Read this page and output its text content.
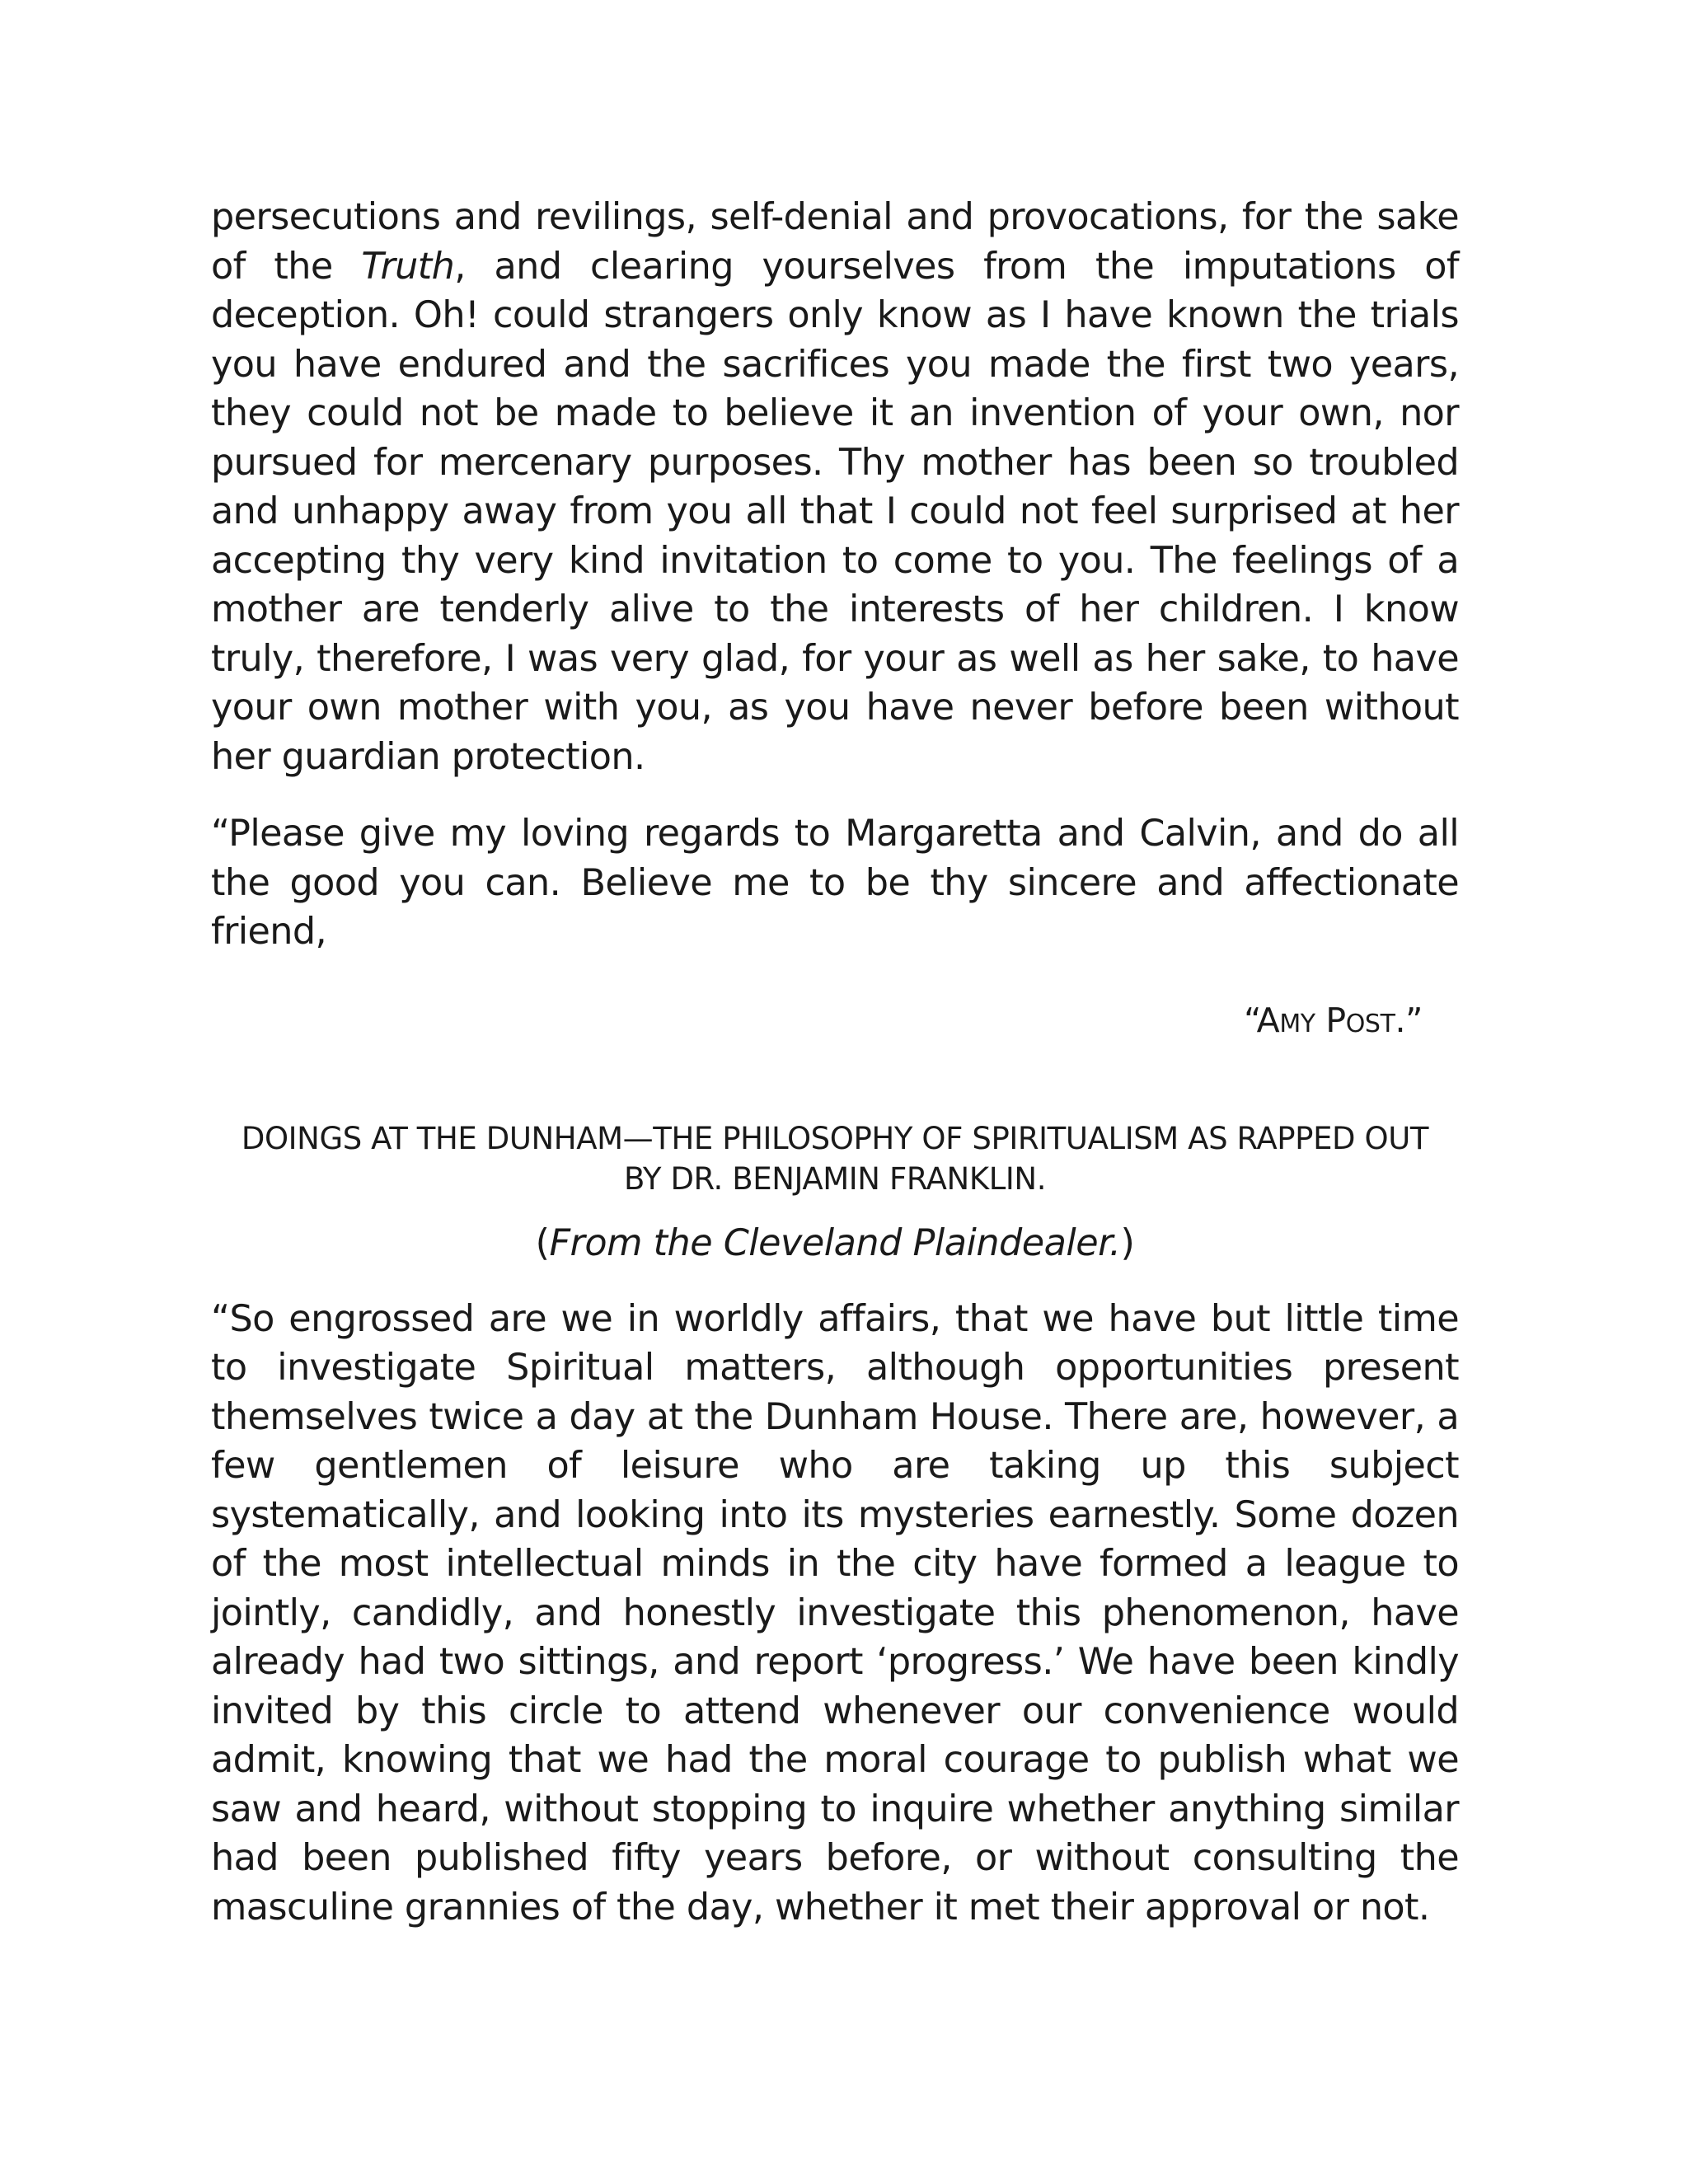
persecutions and revilings, self-denial and provocations, for the sake of the Truth, and clearing yourselves from the imputations of deception. Oh! could strangers only know as I have known the trials you have endured and the sacrifices you made the first two years, they could not be made to believe it an invention of your own, nor pursued for mercenary purposes. Thy mother has been so troubled and unhappy away from you all that I could not feel surprised at her accepting thy very kind invitation to come to you. The feelings of a mother are tenderly alive to the interests of her children. I know truly, therefore, I was very glad, for your as well as her sake, to have your own mother with you, as you have never before been without her guardian protection.

“Please give my loving regards to Margaretta and Calvin, and do all the good you can. Believe me to be thy sincere and affectionate friend,

“AMY POST.”
DOINGS AT THE DUNHAM—THE PHILOSOPHY OF SPIRITUALISM AS RAPPED OUT
BY DR. BENJAMIN FRANKLIN.
(From the Cleveland Plaindealer.)

“So engrossed are we in worldly affairs, that we have but little time to investigate Spiritual matters, although opportunities present themselves twice a day at the Dunham House. There are, however, a few gentlemen of leisure who are taking up this subject systematically, and looking into its mysteries earnestly. Some dozen of the most intellectual minds in the city have formed a league to jointly, candidly, and honestly investigate this phenomenon, have already had two sittings, and report ‘progress.’ We have been kindly invited by this circle to attend whenever our convenience would admit, knowing that we had the moral courage to publish what we saw and heard, without stopping to inquire whether anything similar had been published fifty years before, or without consulting the masculine grannies of the day, whether it met their approval or not.
